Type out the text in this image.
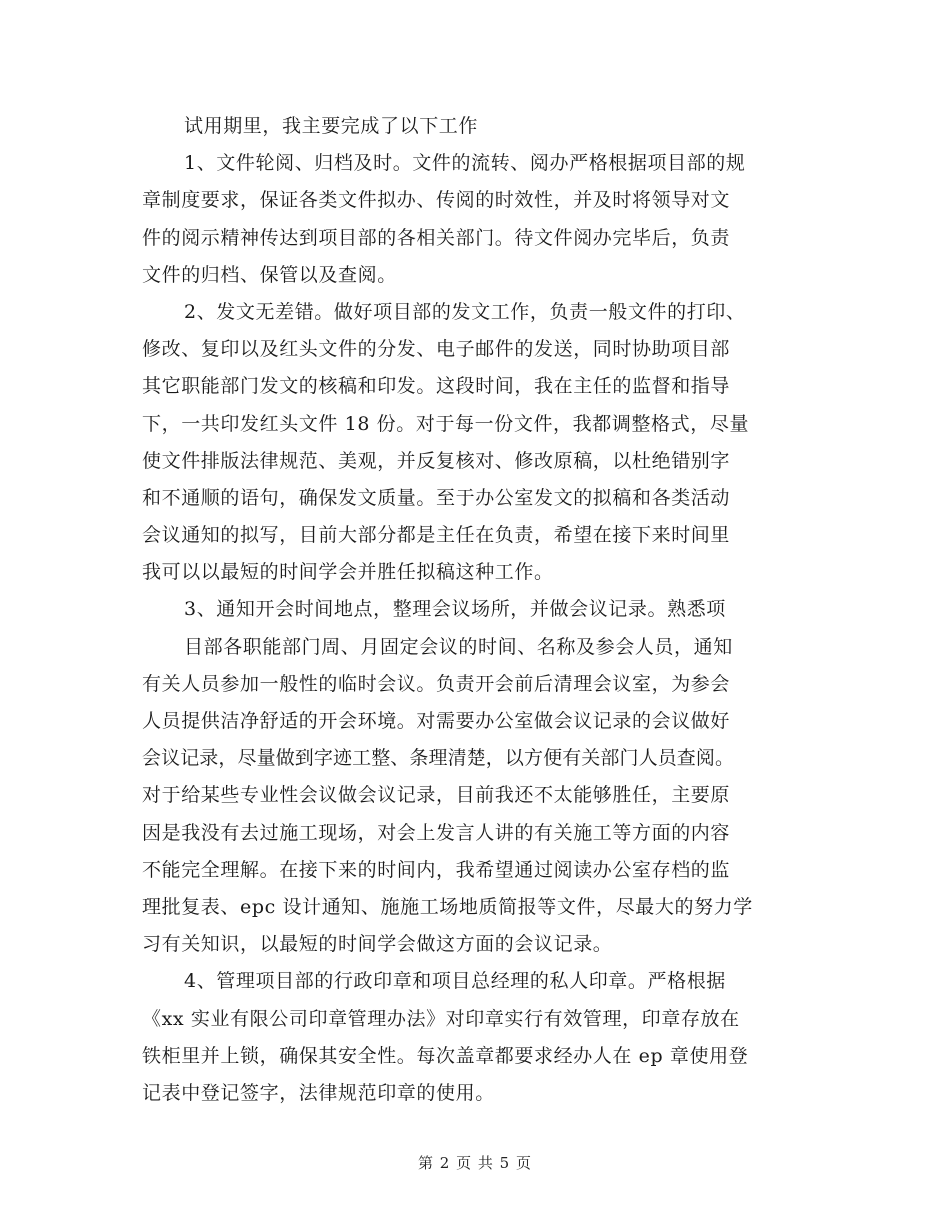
试用期里，我主要完成了以下工作
1、文件轮阅、归档及时。文件的流转、阅办严格根据项目部的规
章制度要求，保证各类文件拟办、传阅的时效性，并及时将领导对文
件的阅示精神传达到项目部的各相关部门。待文件阅办完毕后，负责
文件的归档、保管以及查阅。
2、发文无差错。做好项目部的发文工作，负责一般文件的打印、
修改、复印以及红头文件的分发、电子邮件的发送，同时协助项目部
其它职能部门发文的核稿和印发。这段时间，我在主任的监督和指导
下，一共印发红头文件 18 份。对于每一份文件，我都调整格式，尽量
使文件排版法律规范、美观，并反复核对、修改原稿，以杜绝错别字
和不通顺的语句，确保发文质量。至于办公室发文的拟稿和各类活动
会议通知的拟写，目前大部分都是主任在负责，希望在接下来时间里
我可以以最短的时间学会并胜任拟稿这种工作。
3、通知开会时间地点，整理会议场所，并做会议记录。熟悉项
目部各职能部门周、月固定会议的时间、名称及参会人员，通知
有关人员参加一般性的临时会议。负责开会前后清理会议室，为参会
人员提供洁净舒适的开会环境。对需要办公室做会议记录的会议做好
会议记录，尽量做到字迹工整、条理清楚，以方便有关部门人员查阅。
对于给某些专业性会议做会议记录，目前我还不太能够胜任，主要原
因是我没有去过施工现场，对会上发言人讲的有关施工等方面的内容
不能完全理解。在接下来的时间内，我希望通过阅读办公室存档的监
理批复表、epc 设计通知、施施工场地质简报等文件，尽最大的努力学
习有关知识，以最短的时间学会做这方面的会议记录。
4、管理项目部的行政印章和项目总经理的私人印章。严格根据
《xx 实业有限公司印章管理办法》对印章实行有效管理，印章存放在
铁柜里并上锁，确保其安全性。每次盖章都要求经办人在 ep 章使用登
记表中登记签字，法律规范印章的使用。
第 2 页 共 5 页
